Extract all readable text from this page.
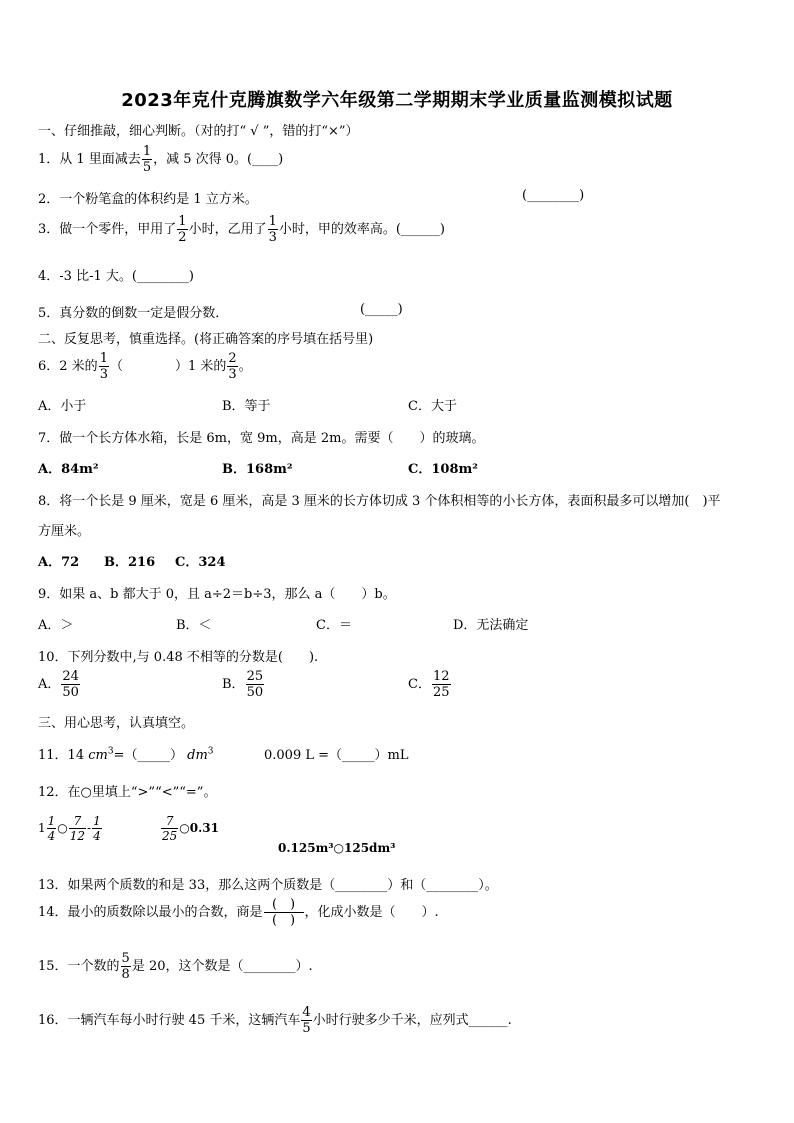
2023年克什克腾旗数学六年级第二学期期末学业质量监测模拟试题
一、仔细推敲，细心判断。（对的打“ √ ”，错的打“×”）
1．从 1 里面减去 $\frac{1}{5}$ ，减 5 次得 0。(____)
2．一个粉笔盒的体积约是 1 立方米。	(________)
3．做一个零件，甲用了 $\frac{1}{2}$ 小时，乙用了 $\frac{1}{3}$ 小时，甲的效率高。(______)
4．-3 比-1 大。(________)
5．真分数的倒数一定是假分数．	(_____)
二、反复思考，慎重选择。(将正确答案的序号填在括号里)
6．2 米的 $\frac{1}{3}$ （　　　　）1 米的 $\frac{2}{3}$ 。
A．小于	B．等于	C．大于
7．做一个长方体水箱，长是 6m，宽 9m，高是 2m。需要（　　）的玻璃。
A．84m²	B．168m²	C．108m²
8．将一个长是 9 厘米，宽是 6 厘米，高是 3 厘米的长方体切成 3 个体积相等的小长方体，表面积最多可以增加(　)平
方厘米。
A．72 B．216 C．324
9．如果 a、b 都大于 0，且 a÷2＝b÷3，那么 a（　　）b。
A．＞	B．＜	C．＝	D．无法确定
10．下列分数中,与 0.48 不相等的分数是(　　).
A． $\frac{24}{50}$	B． $\frac{25}{50}$	C． $\frac{12}{25}$
三、用心思考，认真填空。
11．14 $cm^3=(\_\_\_\_\_)$ $dm^3$	0.009 L =（_____）mL
12．在○里填上“>”“<”“=”。
$1 \frac{1}{4}$ ○ $\frac{7}{12} - \frac{1}{4}$	$\frac{7}{25}$ ○0.31
0.125m³○125dm³
13．如果两个质数的和是 33，那么这两个质数是（________）和（________）。
14．最小的质数除以最小的合数，商是
(　)
(　)
，化成小数是（　　）.
15．一个数的 $\frac{5}{8}$ 是 20，这个数是（________）.
16．一辆汽车每小时行驶 45 千米，这辆汽车 $\frac{4}{5}$ 小时行驶多少千米，应列式______.
